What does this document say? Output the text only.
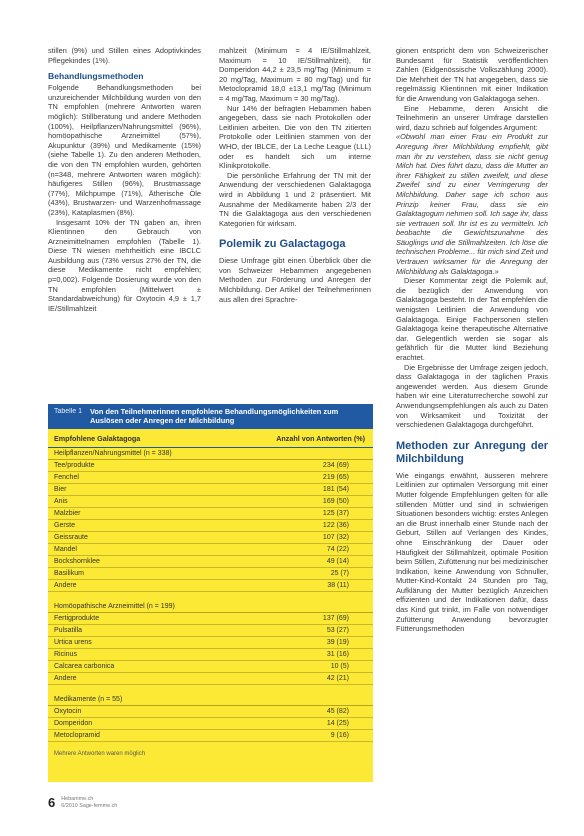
stillen (9%) und Stillen eines Adoptivkindes Pflegekindes (1%).

Behandlungsmethoden

Folgende Behandlungsmethoden bei unzureichender Milchbildung wurden von den TN empfohlen (mehrere Antworten waren möglich): Stillberatung und andere Methoden (100%), Heilpflanzen/Nahrungsmittel (96%), homöopathische Arzneimittel (57%), Akupunktur (39%) und Medikamente (15%) (siehe Tabelle 1). Zu den anderen Methoden, die von den TN empfohlen wurden, gehörten (n=348, mehrere Antworten waren möglich): häufigeres Stillen (96%), Brustmassage (77%), Milchpumpe (71%), Ätherische Öle (43%), Brustwarzen- und Warzenhofmassage (23%), Kataplasmen (8%).

Insgesamt 10% der TN gaben an, ihren Klientinnen den Gebrauch von Arzneimittelnamen empfohlen (Tabelle 1). Diese TN wiesen mehrheitlich eine IBCLC Ausbildung aus (73% versus 27% der TN, die diese Medikamente nicht empfehlen; p=0,002). Folgende Dosierung wurde von den TN empfohlen (Mittelwert ± Standardabweichung) für Oxytocin 4,9 ± 1,7 IE/Stillmahlzeit

mahlzeit (Minimum = 4 IE/Stillmahlzeit, Maximum = 10 IE/Stillmahlzeit), für Domperidon 44,2 ± 23,5 mg/Tag (Minimum = 20 mg/Tag, Maximum = 80 mg/Tag) und für Metoclopramid 18,0 ±13,1 mg/Tag (Minimum = 4 mg/Tag, Maximum = 30 mg/Tag).

Nur 14% der befragten Hebammen haben angegeben, dass sie nach Protokollen oder Leitlinien arbeiten. Die von den TN zitierten Protokolle oder Leitlinien stammen von der WHO, der IBLCE, der La Leche League (LLL) oder es handelt sich um interne Klinikprotokolle.

Die persönliche Erfahrung der TN mit der Anwendung der verschiedenen Galaktagoga wird in Abbildung 1 und 2 präsentiert. Mit Ausnahme der Medikamente haben 2/3 der TN die Galaktagoga aus den verschiedenen Kategorien für wirksam.

Polemik zu Galactagoga

Diese Umfrage gibt einen Überblick über die von Schweizer Hebammen angegebenen Methoden zur Förderung und Anregen der Milchbildung. Der Artikel der Teilnehmerinnen aus allen drei Sprachre-

gionen entspricht dem von Schweizerischer Bundesamt für Statistik veröffentlichten Zahlen (Eidgenössische Volkszählung 2000). Die Mehrheit der TN hat angegeben, dass sie regelmässig Klientinnen mit einer Indikation für die Anwendung von Galaktagoga sehen.

Eine Hebamme, deren Ansicht die Teilnehmerin an unserer Umfrage darstellen wird, dazu schrieb auf folgendes Argument:

«Obwohl man einer Frau ein Produkt zur Anregung ihrer Milchbildung empfiehlt, gibt man ihr zu verstehen, dass sie nicht genug Milch hat. Dies führt dazu, dass die Mutter an ihrer Fähigkeit zu stillen zweifelt, und diese Zweifel sind zu einer Verringerung der Milchbildung. Daher sage ich schon aus Prinzip keiner Frau, dass sie ein Galaktagogum nehmen soll. Ich sage ihr, dass sie vertrauen soll. Ihr ist es zu vermitteln. Ich beobachte die Gewichtszunahme des Säuglings und die Stillmahlzeiten. Ich löse die technischen Probleme... für mich sind Zeit und Vertrauen wirksamer für die Anregung der Milchbildung als Galaktagoga.»

Dieser Kommentar zeigt die Polemik auf, die bezüglich der Anwendung von Galaktagoga besteht. In der Tat empfehlen die wenigsten Leitlinien die Anwendung von Galaktagoga. Einige Fachpersonen stellen Galaktagoga keine therapeutische Alternative dar. Gelegentlich werden sie sogar als gefährlich für die Mutter kind Beziehung erachtet.

Die Ergebnisse der Umfrage zeigen jedoch, dass Galaktagoga in der täglichen Praxis angewendet werden. Aus diesem Grunde haben wir eine Literaturrecherche sowohl zur Anwendungsempfehlungen als auch zu Daten von Wirksamkeit und Toxizität der verschiedenen Galaktagoga durchgeführt.

Methoden zur Anregung der Milchbildung

Wie eingangs erwähnt, äusseren mehrere Leitlinien zur optimalen Versorgung mit einer Mutter folgende Empfehlungen gelten für alle stillenden Mütter und sind in schwierigen Situationen besonders wichtig: erstes Anlegen an die Brust innerhalb einer Stunde nach der Geburt, Stillen auf Verlangen des Kindes, ohne Einschränkung der Dauer oder Häufigkeit der Stillmahlzeit, optimale Position beim Stillen, Zufütterung nur bei medizinischer Indikation, keine Anwendung von Schnuller, Mutter-Kind-Kontakt 24 Stunden pro Tag, Aufklärung der Mutter bezüglich Anzeichen effizienten und der Indikationen dafür, dass das Kind gut trinkt, im Falle von notwendiger Zufütterung Anwendung bevorzugter Fütterungsmethoden

Tabelle 1	Von den Teilnehmerinnen empfohlene Behandlungsmöglichkeiten zum Auslösen oder Anregen der Milchbildung
Empfohlene Galaktagoga	Anzahl von Antworten (%)
Heilpflanzen/Nahrungsmittel (n = 338)
Tee/produkte	234 (69)
Fenchel	219 (65)
Bier	181 (54)
Anis	169 (50)
Malzbier	125 (37)
Gerste	122 (36)
Geissraute	107 (32)
Mandel	74 (22)
Bockshornklee	49 (14)
Basilikum	25 (7)
Andere	38 (11)
Homöopathische Arzneimittel (n = 199)
Fertigprodukte	137 (69)
Pulsatilla	53 (27)
Urtica urens	39 (19)
Ricinus	31 (16)
Calcarea carbonica	10 (5)
Andere	42 (21)
Medikamente (n = 55)
Oxytocin	45 (82)
Domperidon	14 (25)
Metoclopramid	9 (16)
Mehrere Antworten waren möglich
6 Hebamme.ch
6/2010 Sage-femme.ch
